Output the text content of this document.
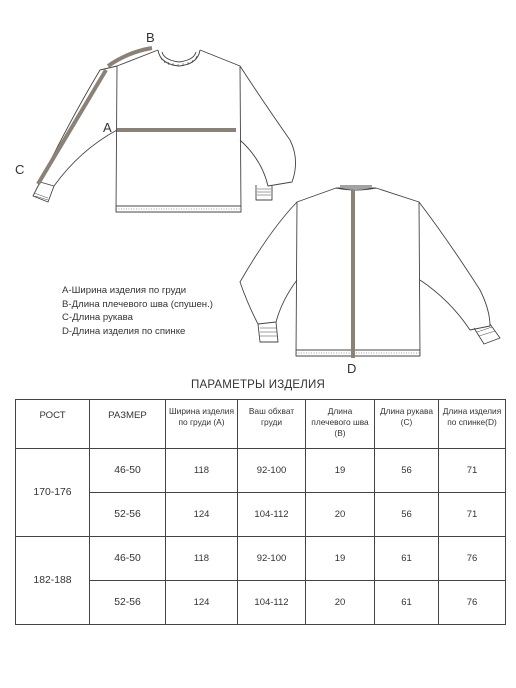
A
B
C
D
A-Ширина изделия по груди
B-Длина плечевого шва (спушен.)
C-Длина рукава
D-Длина изделия по спинке
ПАРАМЕТРЫ ИЗДЕЛИЯ
РОСТ	РАЗМЕР	Ширина изделия по груди (A)	Ваш обхват груди	Длина плечевого шва (B)	Длина рукава (C)	Длина изделия по спинке(D)
170-176	46-50	118	92-100	19	56	71
	52-56	124	104-112	20	56	71
182-188	46-50	118	92-100	19	61	76
	52-56	124	104-112	20	61	76
